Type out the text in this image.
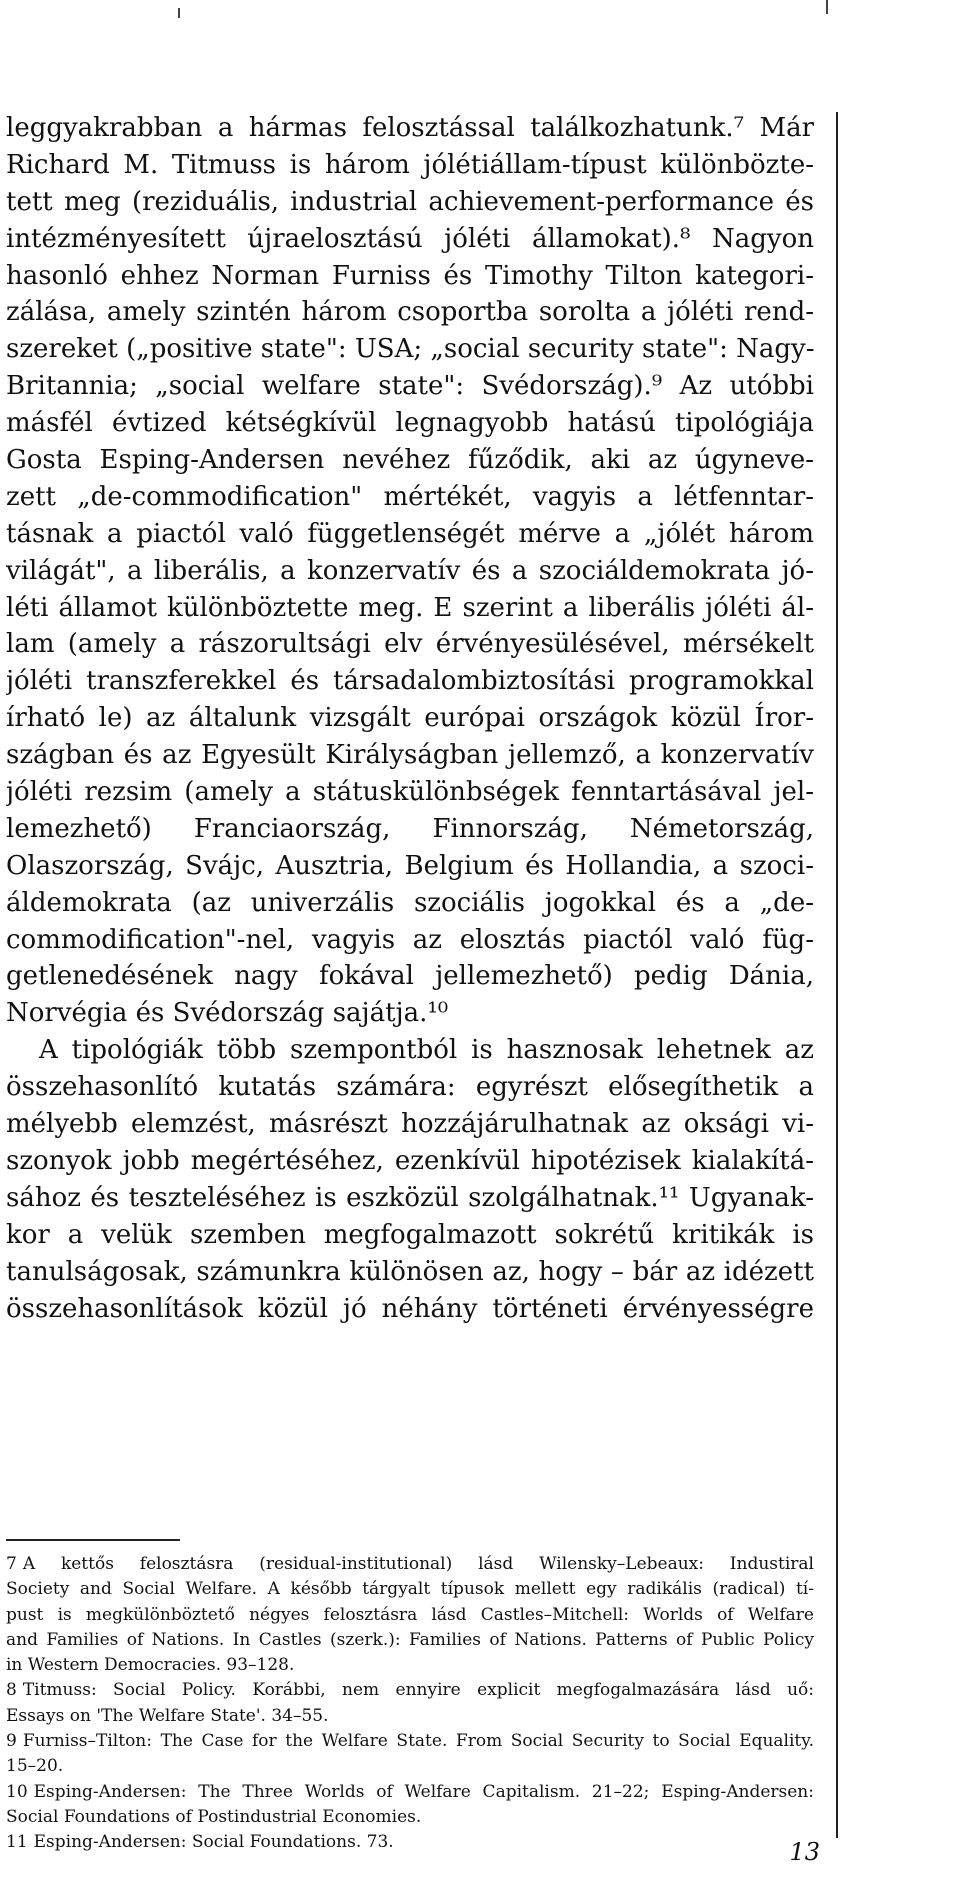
leggyakrabban a hármas felosztással találkozhatunk.⁷ Már
Richard M. Titmuss is három jólétiállam-típust különbözte-
tett meg (reziduális, industrial achievement-performance és
intézményesített újraelosztású jóléti államokat).⁸ Nagyon
hasonló ehhez Norman Furniss és Timothy Tilton kategori-
zálása, amely szintén három csoportba sorolta a jóléti rend-
szereket („positive state": USA; „social security state": Nagy-
Britannia; „social welfare state": Svédország).⁹ Az utóbbi
másfél évtized kétségkívül legnagyobb hatású tipológiája
Gosta Esping-Andersen nevéhez fűződik, aki az úgyneve-
zett „de-commodification" mértékét, vagyis a létfenntar-
tásnak a piactól való függetlenségét mérve a „jólét három
világát", a liberális, a konzervatív és a szociáldemokrata jó-
léti államot különböztette meg. E szerint a liberális jóléti ál-
lam (amely a rászorultsági elv érvényesülésével, mérsékelt
jóléti transzferekkel és társadalombiztosítási programokkal
írható le) az általunk vizsgált európai országok közül Íror-
szágban és az Egyesült Királyságban jellemző, a konzervatív
jóléti rezsim (amely a státuskülönbségek fenntartásával jel-
lemezhető) Franciaország, Finnország, Németország,
Olaszország, Svájc, Ausztria, Belgium és Hollandia, a szoci-
áldemokrata (az univerzális szociális jogokkal és a „de-
commodification"-nel, vagyis az elosztás piactól való füg-
getlenedésének nagy fokával jellemezhető) pedig Dánia,
Norvégia és Svédország sajátja.¹⁰
A tipológiák több szempontból is hasznosak lehetnek az
összehasonlító kutatás számára: egyrészt elősegíthetik a
mélyebb elemzést, másrészt hozzájárulhatnak az oksági vi-
szonyok jobb megértéséhez, ezenkívül hipotézisek kialakítá-
sához és teszteléséhez is eszközül szolgálhatnak.¹¹ Ugyanak-
kor a velük szemben megfogalmazott sokrétű kritikák is
tanulságosak, számunkra különösen az, hogy – bár az idézett
összehasonlítások közül jó néhány történeti érvényességre
7 A kettős felosztásra (residual-institutional) lásd Wilensky–Lebeaux: Industiral
Society and Social Welfare. A később tárgyalt típusok mellett egy radikális (radical) tí-
pust is megkülönböztető négyes felosztásra lásd Castles–Mitchell: Worlds of Welfare
and Families of Nations. In Castles (szerk.): Families of Nations. Patterns of Public Policy
in Western Democracies. 93–128.
8 Titmuss: Social Policy. Korábbi, nem ennyire explicit megfogalmazására lásd uő:
Essays on 'The Welfare State'. 34–55.
9 Furniss–Tilton: The Case for the Welfare State. From Social Security to Social Equality.
15–20.
10 Esping-Andersen: The Three Worlds of Welfare Capitalism. 21–22; Esping-Andersen:
Social Foundations of Postindustrial Economies.
11 Esping-Andersen: Social Foundations. 73.	13
